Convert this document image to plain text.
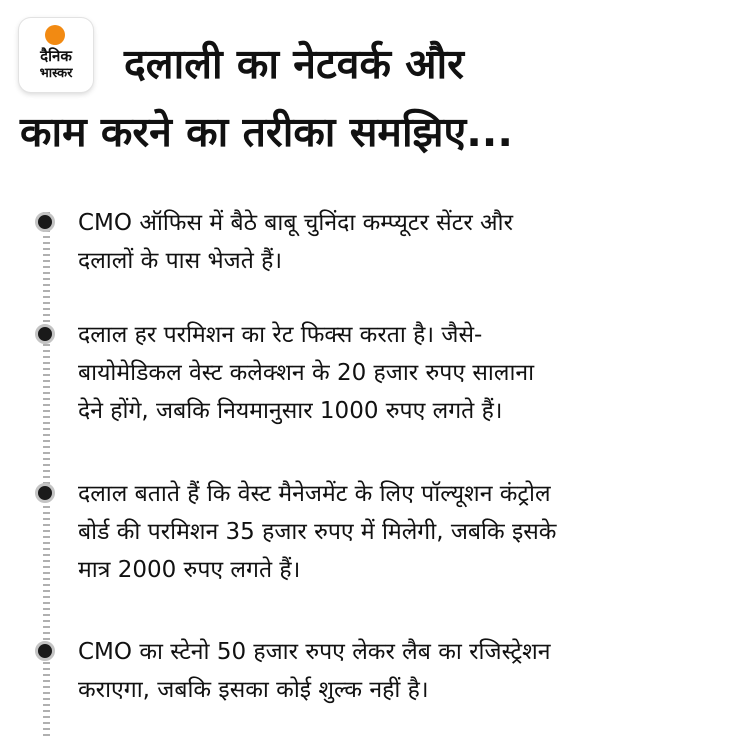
दैनिक
भास्कर	दलाली का नेटवर्क और
काम करने का तरीका समझिए...

CMO ऑफिस में बैठे बाबू चुनिंदा कम्प्यूटर सेंटर और
दलालों के पास भेजते हैं।

दलाल हर परमिशन का रेट फिक्स करता है। जैसे-
बायोमेडिकल वेस्ट कलेक्शन के 20 हजार रुपए सालाना
देने होंगे, जबकि नियमानुसार 1000 रुपए लगते हैं।

दलाल बताते हैं कि वेस्ट मैनेजमेंट के लिए पॉल्यूशन कंट्रोल
बोर्ड की परमिशन 35 हजार रुपए में मिलेगी, जबकि इसके
मात्र 2000 रुपए लगते हैं।

CMO का स्टेनो 50 हजार रुपए लेकर लैब का रजिस्ट्रेशन
कराएगा, जबकि इसका कोई शुल्क नहीं है।
